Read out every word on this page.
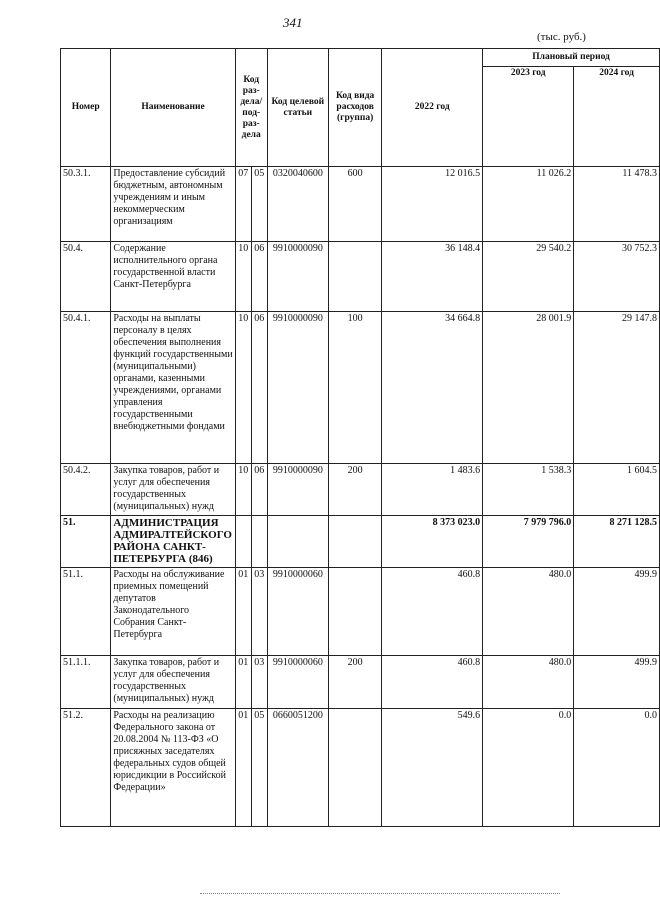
341
(тыс. руб.)
Номер	Наименование	Код раз-дела/ под-раз-дела		Код целевой статьи	Код вида расходов (группа)	2022 год	Плановый период	
							2023 год	2024 год
50.3.1.	Предоставление субсидий бюджетным, автономным учреждениям и иным некоммерческим организациям	07	05	0320040600	600	12 016.5	11 026.2	11 478.3
50.4.	Содержание исполнительного органа государственной власти Санкт-Петербурга	10	06	9910000090		36 148.4	29 540.2	30 752.3
50.4.1.	Расходы на выплаты персоналу в целях обеспечения выполнения функций государственными (муниципальными) органами, казенными учреждениями, органами управления государственными внебюджетными фондами	10	06	9910000090	100	34 664.8	28 001.9	29 147.8
50.4.2.	Закупка товаров, работ и услуг для обеспечения государственных (муниципальных) нужд	10	06	9910000090	200	1 483.6	1 538.3	1 604.5
51.	АДМИНИСТРАЦИЯ АДМИРАЛТЕЙСКОГО РАЙОНА САНКТ-ПЕТЕРБУРГА (846)					8 373 023.0	7 979 796.0	8 271 128.5
51.1.	Расходы на обслуживание приемных помещений депутатов Законодательного Собрания Санкт-Петербурга	01	03	9910000060		460.8	480.0	499.9
51.1.1.	Закупка товаров, работ и услуг для обеспечения государственных (муниципальных) нужд	01	03	9910000060	200	460.8	480.0	499.9
51.2.	Расходы на реализацию Федерального закона от 20.08.2004 № 113-ФЗ «О присяжных заседателях федеральных судов общей юрисдикции в Российской Федерации»	01	05	0660051200		549.6	0.0	0.0
